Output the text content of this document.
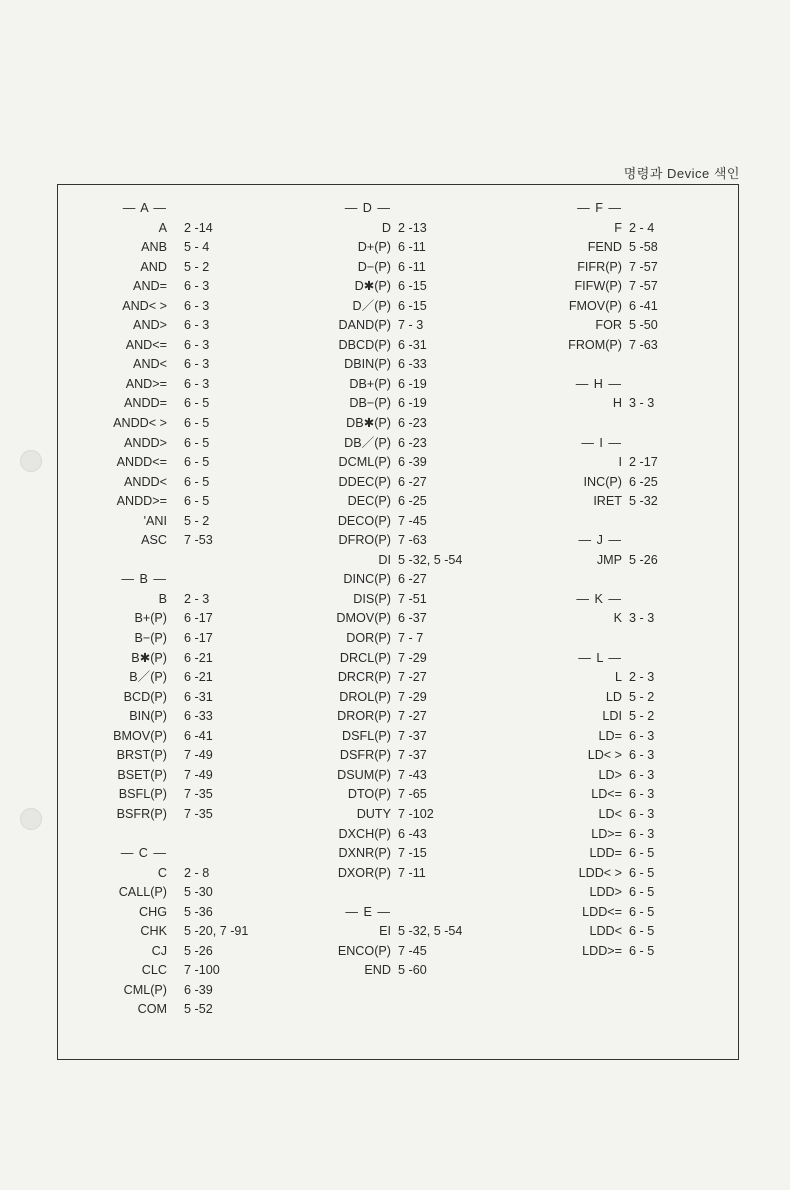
명령과 Device 색인
― A ―
A 2 -14
ANB 5 - 4
AND 5 - 2
AND= 6 - 3
AND< > 6 - 3
AND> 6 - 3
AND<= 6 - 3
AND< 6 - 3
AND>= 6 - 3
ANDD= 6 - 5
ANDD< > 6 - 5
ANDD> 6 - 5
ANDD<= 6 - 5
ANDD< 6 - 5
ANDD>= 6 - 5
'ANI 5 - 2
ASC 7 -53
― B ―
B 2 - 3
B+(P) 6 -17
B−(P) 6 -17
B✱(P) 6 -21
B／(P) 6 -21
BCD(P) 6 -31
BIN(P) 6 -33
BMOV(P) 6 -41
BRST(P) 7 -49
BSET(P) 7 -49
BSFL(P) 7 -35
BSFR(P) 7 -35
― C ―
C 2 - 8
CALL(P) 5 -30
CHG 5 -36
CHK 5 -20, 7 -91
CJ 5 -26
CLC 7 -100
CML(P) 6 -39
COM 5 -52
― D ―
D 2 -13
D+(P) 6 -11
D−(P) 6 -11
D✱(P) 6 -15
D／(P) 6 -15
DAND(P) 7 - 3
DBCD(P) 6 -31
DBIN(P) 6 -33
DB+(P) 6 -19
DB−(P) 6 -19
DB✱(P) 6 -23
DB／(P) 6 -23
DCML(P) 6 -39
DDEC(P) 6 -27
DEC(P) 6 -25
DECO(P) 7 -45
DFRO(P) 7 -63
DI 5 -32, 5 -54
DINC(P) 6 -27
DIS(P) 7 -51
DMOV(P) 6 -37
DOR(P) 7 - 7
DRCL(P) 7 -29
DRCR(P) 7 -27
DROL(P) 7 -29
DROR(P) 7 -27
DSFL(P) 7 -37
DSFR(P) 7 -37
DSUM(P) 7 -43
DTO(P) 7 -65
DUTY 7 -102
DXCH(P) 6 -43
DXNR(P) 7 -15
DXOR(P) 7 -11
― E ―
EI 5 -32, 5 -54
ENCO(P) 7 -45
END 5 -60
― F ―
F 2 - 4
FEND 5 -58
FIFR(P) 7 -57
FIFW(P) 7 -57
FMOV(P) 6 -41
FOR 5 -50
FROM(P) 7 -63
― H ―
H 3 - 3
― I ―
I 2 -17
INC(P) 6 -25
IRET 5 -32
― J ―
JMP 5 -26
― K ―
K 3 - 3
― L ―
L 2 - 3
LD 5 - 2
LDI 5 - 2
LD= 6 - 3
LD< > 6 - 3
LD> 6 - 3
LD<= 6 - 3
LD< 6 - 3
LD>= 6 - 3
LDD= 6 - 5
LDD< > 6 - 5
LDD> 6 - 5
LDD<= 6 - 5
LDD< 6 - 5
LDD>= 6 - 5
